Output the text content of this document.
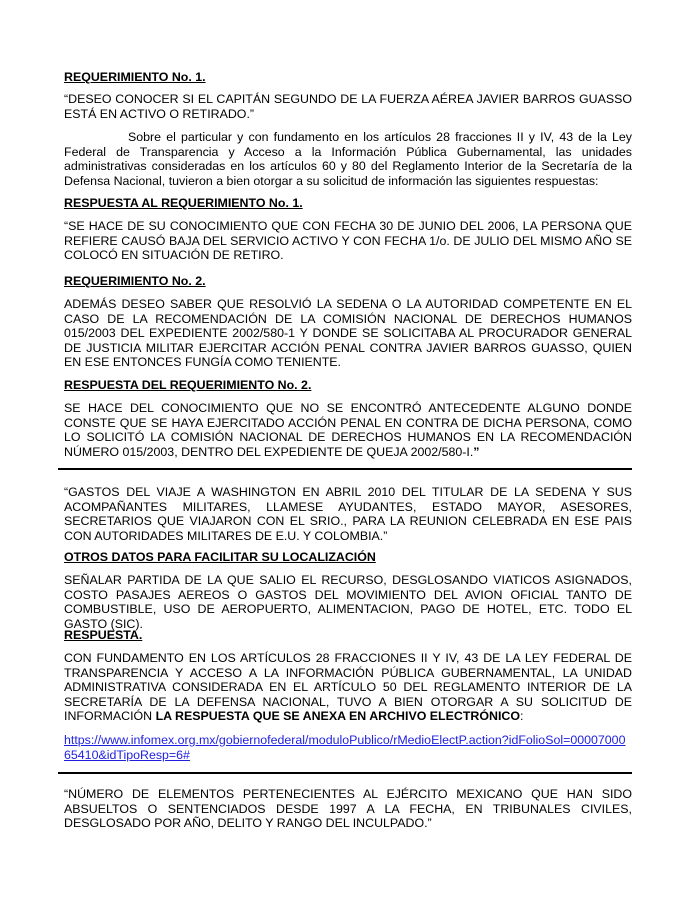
REQUERIMIENTO No. 1.

“DESEO CONOCER SI EL CAPITÁN SEGUNDO DE LA FUERZA AÉREA JAVIER BARROS GUASSO ESTÁ EN ACTIVO O RETIRADO.”

Sobre el particular y con fundamento en los artículos 28 fracciones II y IV, 43 de la Ley Federal de Transparencia y Acceso a la Información Pública Gubernamental, las unidades administrativas consideradas en los artículos 60 y 80 del Reglamento Interior de la Secretaría de la Defensa Nacional, tuvieron a bien otorgar a su solicitud de información las siguientes respuestas:

RESPUESTA AL REQUERIMIENTO No. 1.

“SE HACE DE SU CONOCIMIENTO QUE CON FECHA 30 DE JUNIO DEL 2006, LA PERSONA QUE REFIERE CAUSÓ BAJA DEL SERVICIO ACTIVO Y CON FECHA 1/o. DE JULIO DEL MISMO AÑO SE COLOCÓ EN SITUACIÓN DE RETIRO.

REQUERIMIENTO No. 2.

ADEMÁS DESEO SABER QUE RESOLVIÓ LA SEDENA O LA AUTORIDAD COMPETENTE EN EL CASO DE LA RECOMENDACIÓN DE LA COMISIÓN NACIONAL DE DERECHOS HUMANOS 015/2003 DEL EXPEDIENTE 2002/580-1 Y DONDE SE SOLICITABA AL PROCURADOR GENERAL DE JUSTICIA MILITAR EJERCITAR ACCIÓN PENAL CONTRA JAVIER BARROS GUASSO, QUIEN EN ESE ENTONCES FUNGÍA COMO TENIENTE.

RESPUESTA DEL REQUERIMIENTO No. 2.

SE HACE DEL CONOCIMIENTO QUE NO SE ENCONTRÓ ANTECEDENTE ALGUNO DONDE CONSTE QUE SE HAYA EJERCITADO ACCIÓN PENAL EN CONTRA DE DICHA PERSONA, COMO LO SOLICITÓ LA COMISIÓN NACIONAL DE DERECHOS HUMANOS EN LA RECOMENDACIÓN NÚMERO 015/2003, DENTRO DEL EXPEDIENTE DE QUEJA 2002/580-I.”

“GASTOS DEL VIAJE A WASHINGTON EN ABRIL 2010 DEL TITULAR DE LA SEDENA Y SUS ACOMPAÑANTES MILITARES, LLAMESE AYUDANTES, ESTADO MAYOR, ASESORES, SECRETARIOS QUE VIAJARON CON EL SRIO., PARA LA REUNION CELEBRADA EN ESE PAIS CON AUTORIDADES MILITARES DE E.U. Y COLOMBIA.”

OTROS DATOS PARA FACILITAR SU LOCALIZACIÓN

SEÑALAR PARTIDA DE LA QUE SALIO EL RECURSO, DESGLOSANDO VIATICOS ASIGNADOS, COSTO PASAJES AEREOS O GASTOS DEL MOVIMIENTO DEL AVION OFICIAL TANTO DE COMBUSTIBLE, USO DE AEROPUERTO, ALIMENTACION, PAGO DE HOTEL, ETC. TODO EL GASTO (SIC).

RESPUESTA.

CON FUNDAMENTO EN LOS ARTÍCULOS 28 FRACCIONES II Y IV, 43 DE LA LEY FEDERAL DE TRANSPARENCIA Y ACCESO A LA INFORMACIÓN PÚBLICA GUBERNAMENTAL, LA UNIDAD ADMINISTRATIVA CONSIDERADA EN EL ARTÍCULO 50 DEL REGLAMENTO INTERIOR DE LA SECRETARÍA DE LA DEFENSA NACIONAL, TUVO A BIEN OTORGAR A SU SOLICITUD DE INFORMACIÓN LA RESPUESTA QUE SE ANEXA EN ARCHIVO ELECTRÓNICO:

https://www.infomex.org.mx/gobiernofederal/moduloPublico/rMedioElectP.action?idFolioSol=0000700065410&idTipoResp=6#

“NÚMERO DE ELEMENTOS PERTENECIENTES AL EJÉRCITO MEXICANO QUE HAN SIDO ABSUELTOS O SENTENCIADOS DESDE 1997 A LA FECHA, EN TRIBUNALES CIVILES, DESGLOSADO POR AÑO, DELITO Y RANGO DEL INCULPADO.”
